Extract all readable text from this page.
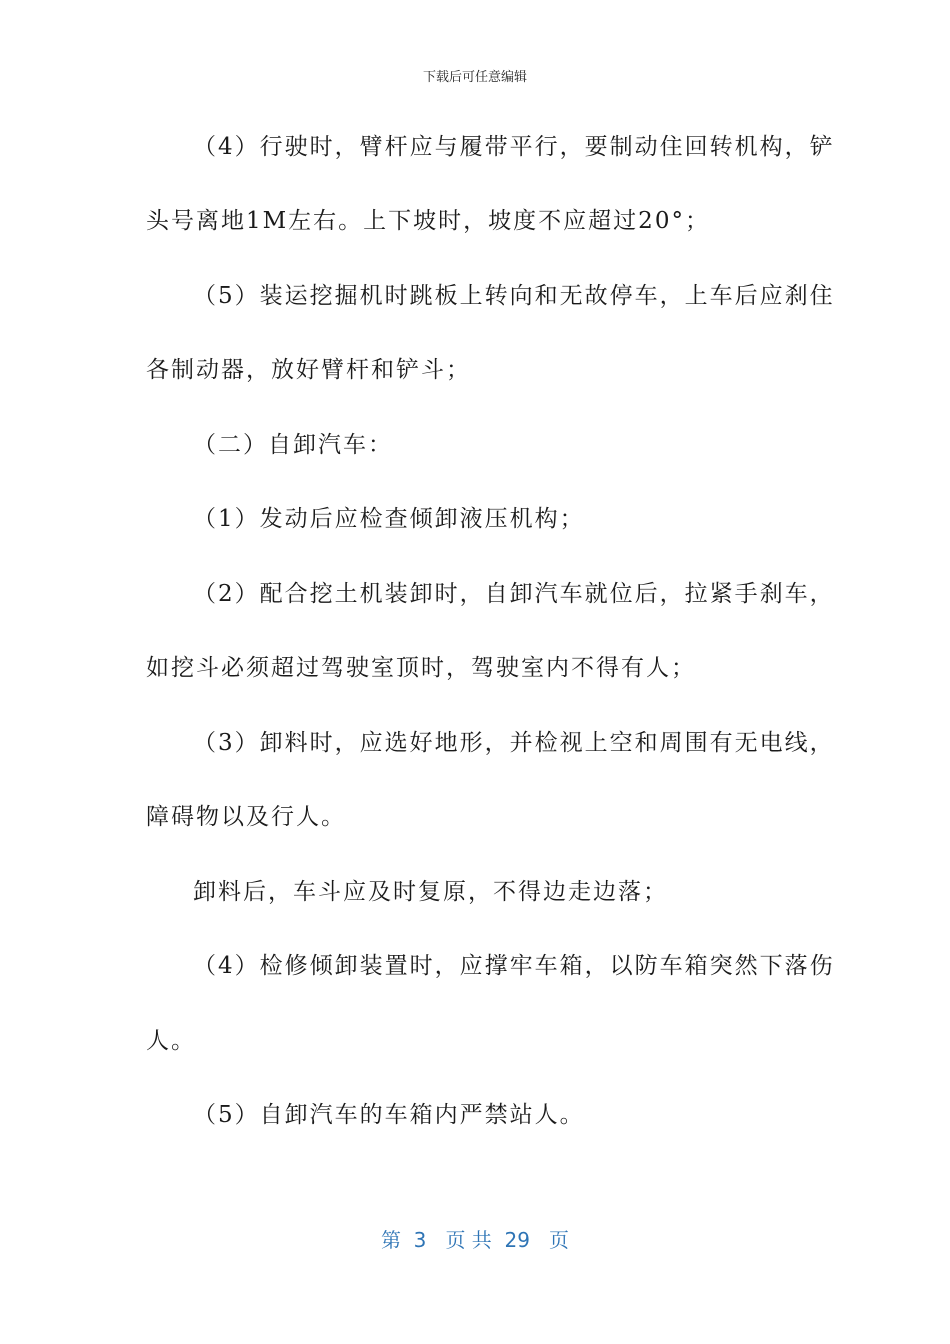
下载后可任意编辑
（4）行驶时，臂杆应与履带平行，要制动住回转机构，铲
头号离地1M左右。上下坡时，坡度不应超过20°；
（5）装运挖掘机时跳板上转向和无故停车，上车后应刹住
各制动器，放好臂杆和铲斗；
（二）自卸汽车：
（1）发动后应检查倾卸液压机构；
（2）配合挖土机装卸时，自卸汽车就位后，拉紧手刹车，
如挖斗必须超过驾驶室顶时，驾驶室内不得有人；
（3）卸料时，应选好地形，并检视上空和周围有无电线，
障碍物以及行人。
卸料后，车斗应及时复原，不得边走边落；
（4）检修倾卸装置时，应撑牢车箱，以防车箱突然下落伤
人。
（5）自卸汽车的车箱内严禁站人。
第  3   页 共  29   页
